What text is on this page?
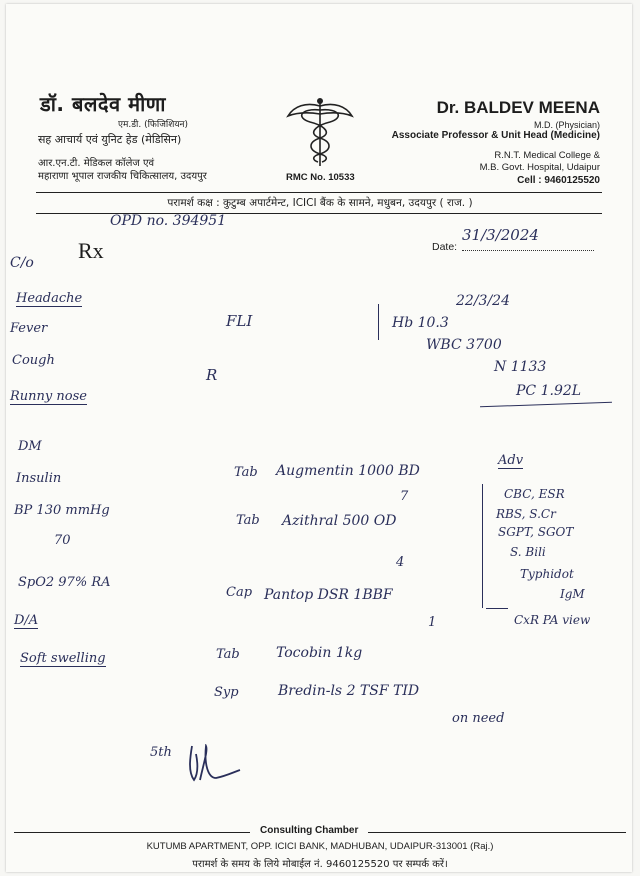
डॉ. बलदेव मीणा
एम.डी. (फिजिशियन)
सह आचार्य एवं युनिट हेड (मेडिसिन)
आर.एन.टी. मेडिकल कॉलेज एवं
महाराणा भूपाल राजकीय चिकित्सालय, उदयपुर	RMC No. 10533
Dr. BALDEV MEENA
M.D. (Physician)
Associate Professor & Unit Head (Medicine)
R.N.T. Medical College &
M.B. Govt. Hospital, Udaipur
Cell : 9460125520
परामर्श कक्ष : कुटुम्ब अपार्टमेन्ट, ICICI बैंक के सामने, मधुबन, उदयपुर ( राज. )
Rx	Date:
OPD no. 394951
31/3/2024
C/o
Headache
Fever
Cough
Runny nose
DM
Insulin
BP 130 mmHg
70
SpO2 97% RA
D/A
Soft swelling
FLI
R
22/3/24
Hb 10.3
WBC 3700
N 1133
PC 1.92L
Tab Augmentin 1000 BD
7
Tab Azithral 500 OD
4
Cap Pantop DSR 1BBF
1
Tab	Tocobin 1kg
Syp	Bredin-ls 2 TSF TID
on need
Adv
CBC, ESR
RBS, S.Cr
SGPT, SGOT
S. Bili
Typhidot
IgM
CxR PA view
5th
Consulting Chamber
KUTUMB APARTMENT, OPP. ICICI BANK, MADHUBAN, UDAIPUR-313001 (Raj.)
परामर्श के समय के लिये मोबाईल नं. 9460125520 पर सम्पर्क करें।
